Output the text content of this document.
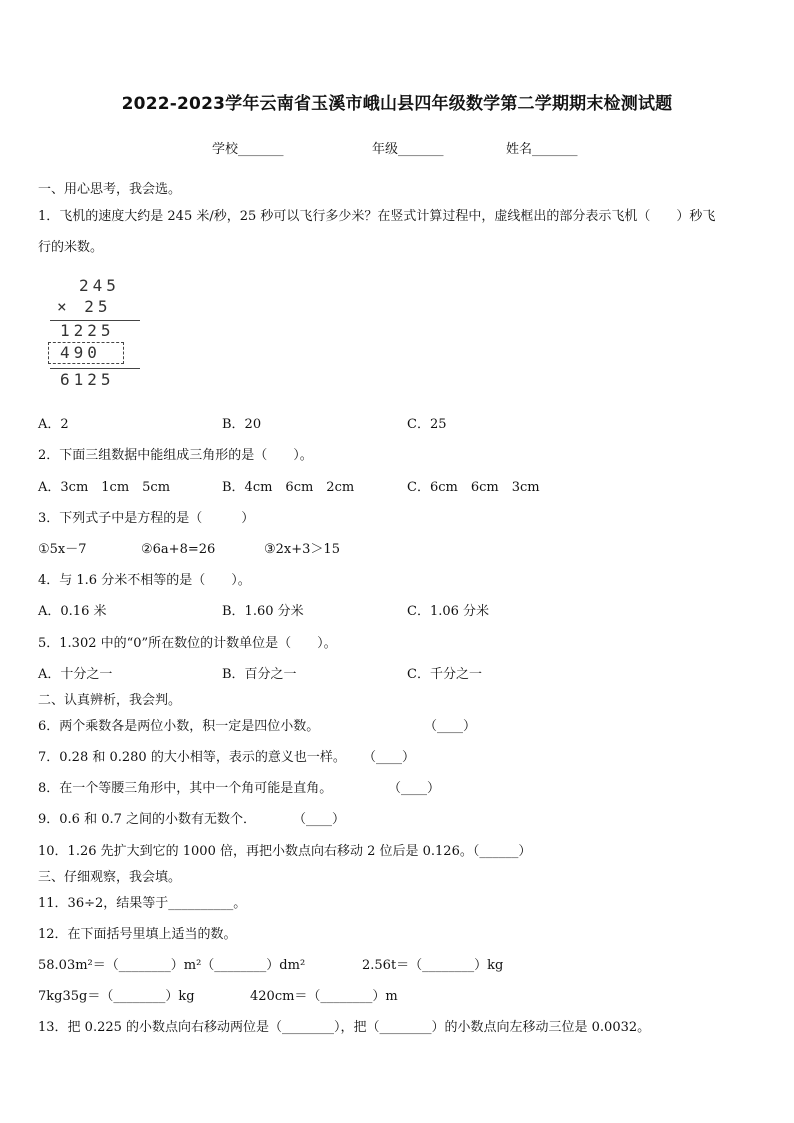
2022-2023学年云南省玉溪市峨山县四年级数学第二学期期末检测试题
学校_______	年级_______	姓名_______
一、用心思考，我会选。
1．飞机的速度大约是 245 米/秒，25 秒可以飞行多少米？在竖式计算过程中，虚线框出的部分表示飞机（　　）秒飞
行的米数。
245
× 25
1225
490
6125
A．2	B．20	C．25
2．下面三组数据中能组成三角形的是（　　）。
A．3cm　1cm　5cm	B．4cm　6cm　2cm	C．6cm　6cm　3cm
3．下列式子中是方程的是（　　　）
①5x－7	②6a+8=26	③2x+3＞15
4．与 1.6 分米不相等的是（　　）。
A．0.16 米	B．1.60 分米	C．1.06 分米
5．1.302 中的“0”所在数位的计数单位是（　　）。
A．十分之一	B．百分之一	C．千分之一
二、认真辨析，我会判。
6．两个乘数各是两位小数，积一定是四位小数。	（____）
7．0.28 和 0.280 的大小相等，表示的意义也一样。 （____）
8．在一个等腰三角形中，其中一个角可能是直角。	（____）
9．0.6 和 0.7 之间的小数有无数个．	（____）
10．1.26 先扩大到它的 1000 倍，再把小数点向右移动 2 位后是 0.126。（______）
三、仔细观察，我会填。
11．36÷2，结果等于__________。
12．在下面括号里填上适当的数。
58.03m²＝（________）m²（________）dm²	2.56t＝（________）kg
7kg35g＝（________）kg	420cm＝（________）m
13．把 0.225 的小数点向右移动两位是（________），把（________）的小数点向左移动三位是 0.0032。
